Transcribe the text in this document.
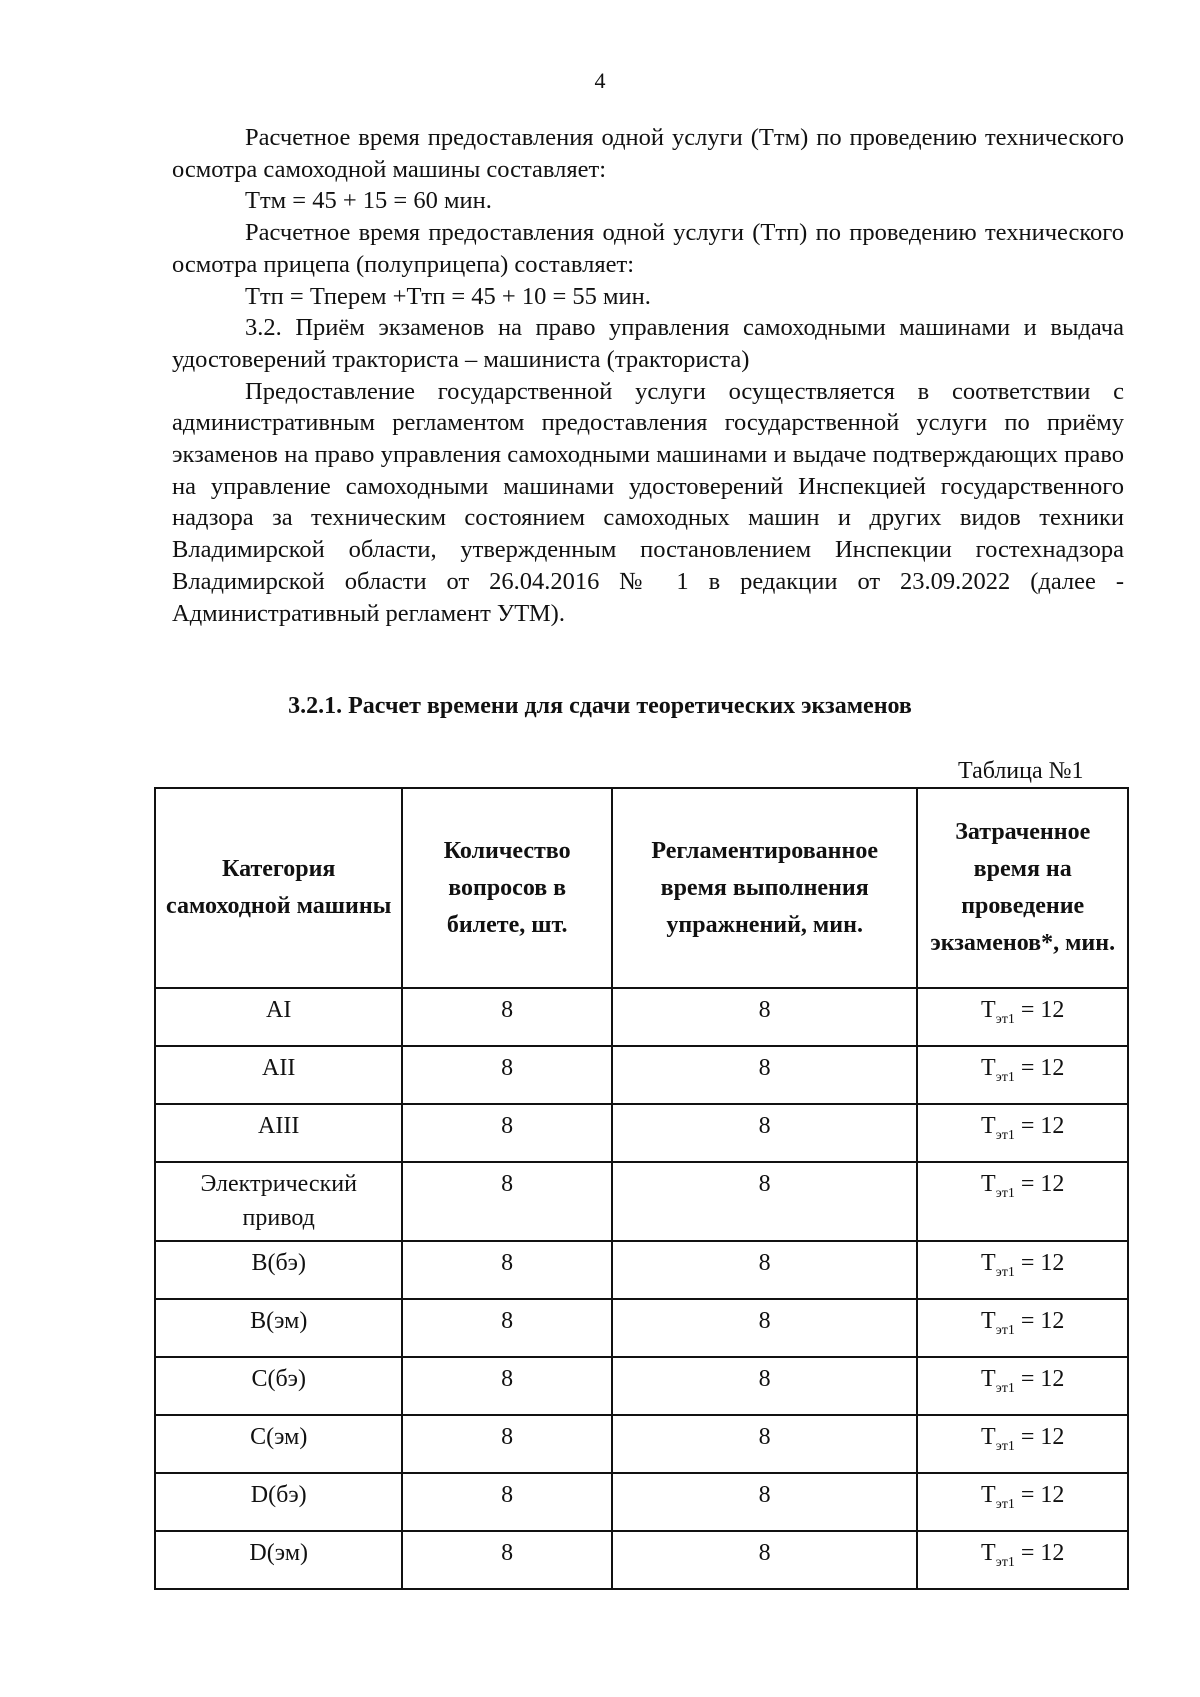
4

Расчетное время предоставления одной услуги (Ттм) по проведению технического осмотра самоходной машины составляет:

Ттм = 45 + 15 = 60 мин.

Расчетное время предоставления одной услуги (Ттп) по проведению технического осмотра прицепа (полуприцепа) составляет:

Ттп = Тперем +Ттп = 45 + 10 = 55 мин.

3.2. Приём экзаменов на право управления самоходными машинами и выдача удостоверений тракториста – машиниста (тракториста)

Предоставление государственной услуги осуществляется в соответствии с административным регламентом предоставления государственной услуги по приёму экзаменов на право управления самоходными машинами и выдаче подтверждающих право на управление самоходными машинами удостоверений Инспекцией государственного надзора за техническим состоянием самоходных машин и других видов техники Владимирской области, утвержденным постановлением Инспекции гостехнадзора Владимирской области от 26.04.2016 № 1 в редакции от 23.09.2022 (далее - Административный регламент УТМ).

3.2.1. Расчет времени для сдачи теоретических экзаменов
Таблица №1
Категория самоходной машины	Количество вопросов в билете, шт.	Регламентированное время выполнения упражнений, мин.	Затраченное время на проведение экзаменов*, мин.
AI	8	8	$Т_{эт1} = 12$
AII	8	8	$Т_{эт1} = 12$
AIII	8	8	$Т_{эт1} = 12$
Электрический привод	8	8	$Т_{эт1} = 12$
В(бэ)	8	8	$Т_{эт1} = 12$
В(эм)	8	8	$Т_{эт1} = 12$
С(бэ)	8	8	$Т_{эт1} = 12$
С(эм)	8	8	$Т_{эт1} = 12$
D(бэ)	8	8	$Т_{эт1} = 12$
D(эм)	8	8	$Т_{эт1} = 12$
